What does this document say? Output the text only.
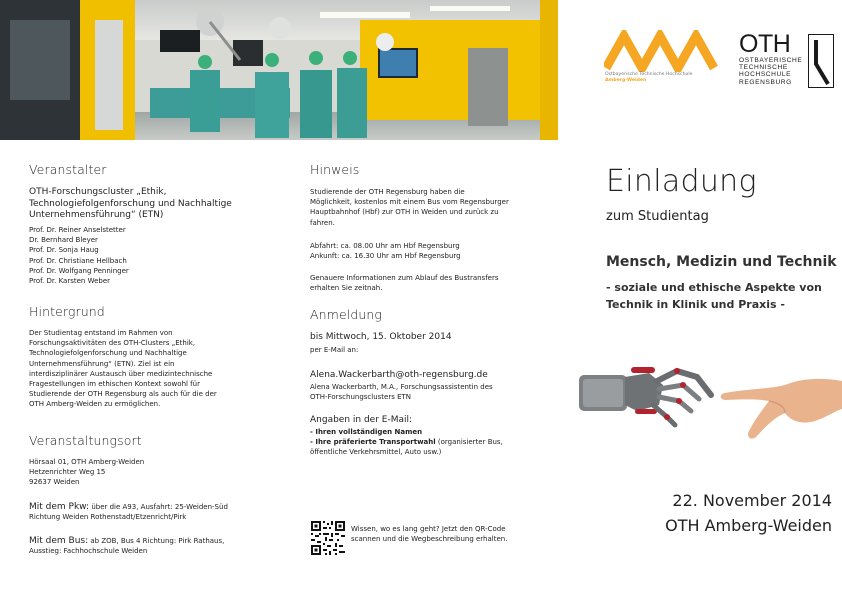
Veranstalter
OTH-Forschungscluster „Ethik,
Technologiefolgenforschung und Nachhaltige
Unternehmensführung“ (ETN)
Prof. Dr. Reiner Anselstetter
Dr. Bernhard Bleyer
Prof. Dr. Sonja Haug
Prof. Dr. Christiane Hellbach
Prof. Dr. Wolfgang Penninger
Prof. Dr. Karsten Weber
Hintergrund
Der Studientag entstand im Rahmen von
Forschungsaktivitäten des OTH-Clusters „Ethik,
Technologiefolgenforschung und Nachhaltige
Unternehmensführung“ (ETN). Ziel ist ein
interdisziplinärer Austausch über medizintechnische
Fragestellungen im ethischen Kontext sowohl für
Studierende der OTH Regensburg als auch für die der
OTH Amberg-Weiden zu ermöglichen.
Veranstaltungsort
Hörsaal 01, OTH Amberg-Weiden
Hetzenrichter Weg 15
92637 Weiden
Mit dem Pkw: über die A93, Ausfahrt: 25-Weiden-Süd
Richtung Weiden Rothenstadt/Etzenricht/Pirk
Mit dem Bus: ab ZOB, Bus 4 Richtung: Pirk Rathaus,
Ausstieg: Fachhochschule Weiden
Hinweis
Studierende der OTH Regensburg haben die
Möglichkeit, kostenlos mit einem Bus vom Regensburger
Hauptbahnhof (Hbf) zur OTH in Weiden und zurück zu
fahren.
Abfahrt: ca. 08.00 Uhr am Hbf Regensburg
Ankunft: ca. 16.30 Uhr am Hbf Regensburg
Genauere Informationen zum Ablauf des Bustransfers
erhalten Sie zeitnah.
Anmeldung
bis Mittwoch, 15. Oktober 2014
per E-Mail an:
Alena.Wackerbarth@oth-regensburg.de
Alena Wackerbarth, M.A., Forschungsassistentin des
OTH-Forschungsclusters ETN
Angaben in der E-Mail:
- Ihren vollständigen Namen
- Ihre präferierte Transportwahl (organisierter Bus,
öffentliche Verkehrsmittel, Auto usw.)
Wissen, wo es lang geht? Jetzt den QR-Code
scannen und die Wegbeschreibung erhalten.
Ostbayerische Technische Hochschule
Amberg-Weiden
OTH
OSTBAYERISCHE
TECHNISCHE
HOCHSCHULE
REGENSBURG
Einladung
zum Studientag
Mensch, Medizin und Technik
- soziale und ethische Aspekte von
Technik in Klinik und Praxis -
22. November 2014
OTH Amberg-Weiden
